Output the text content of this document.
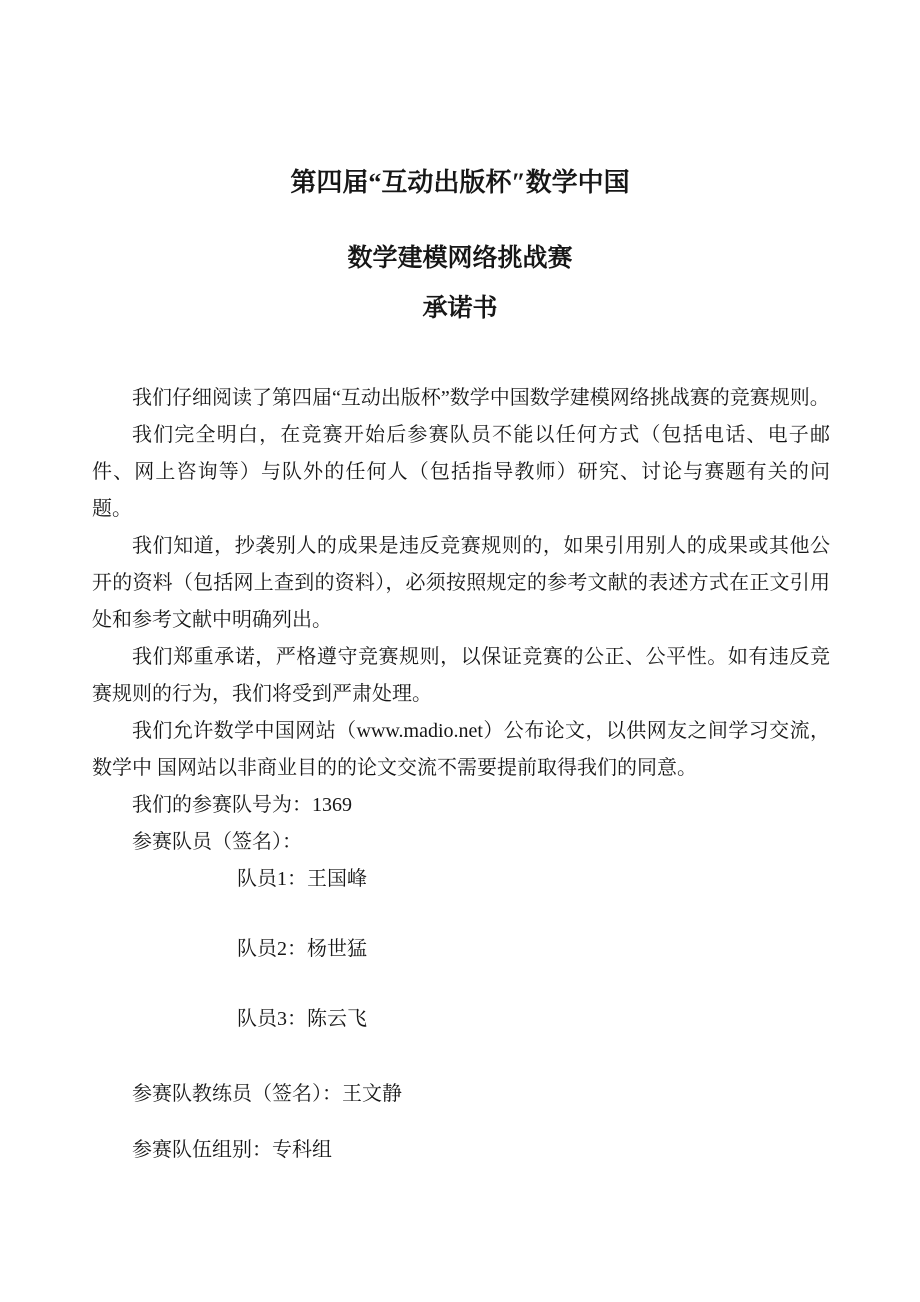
第四届“互动出版杯″数学中国
数学建模网络挑战赛
承诺书

我们仔细阅读了第四届“互动出版杯”数学中国数学建模网络挑战赛的竞赛规则。

我们完全明白，在竞赛开始后参赛队员不能以任何方式（包括电话、电子邮件、网上咨询等）与队外的任何人（包括指导教师）研究、讨论与赛题有关的问题。

我们知道，抄袭别人的成果是违反竞赛规则的，如果引用别人的成果或其他公开的资料（包括网上查到的资料），必须按照规定的参考文献的表述方式在正文引用处和参考文献中明确列出。

我们郑重承诺，严格遵守竞赛规则，以保证竞赛的公正、公平性。如有违反竞赛规则的行为，我们将受到严肃处理。

我们允许数学中国网站（www.madio.net）公布论文，以供网友之间学习交流，数学中 国网站以非商业目的的论文交流不需要提前取得我们的同意。

我们的参赛队号为：1369

参赛队员（签名）：

队员1：王国峰

队员2：杨世猛

队员3：陈云飞

参赛队教练员（签名）：王文静

参赛队伍组别：专科组
